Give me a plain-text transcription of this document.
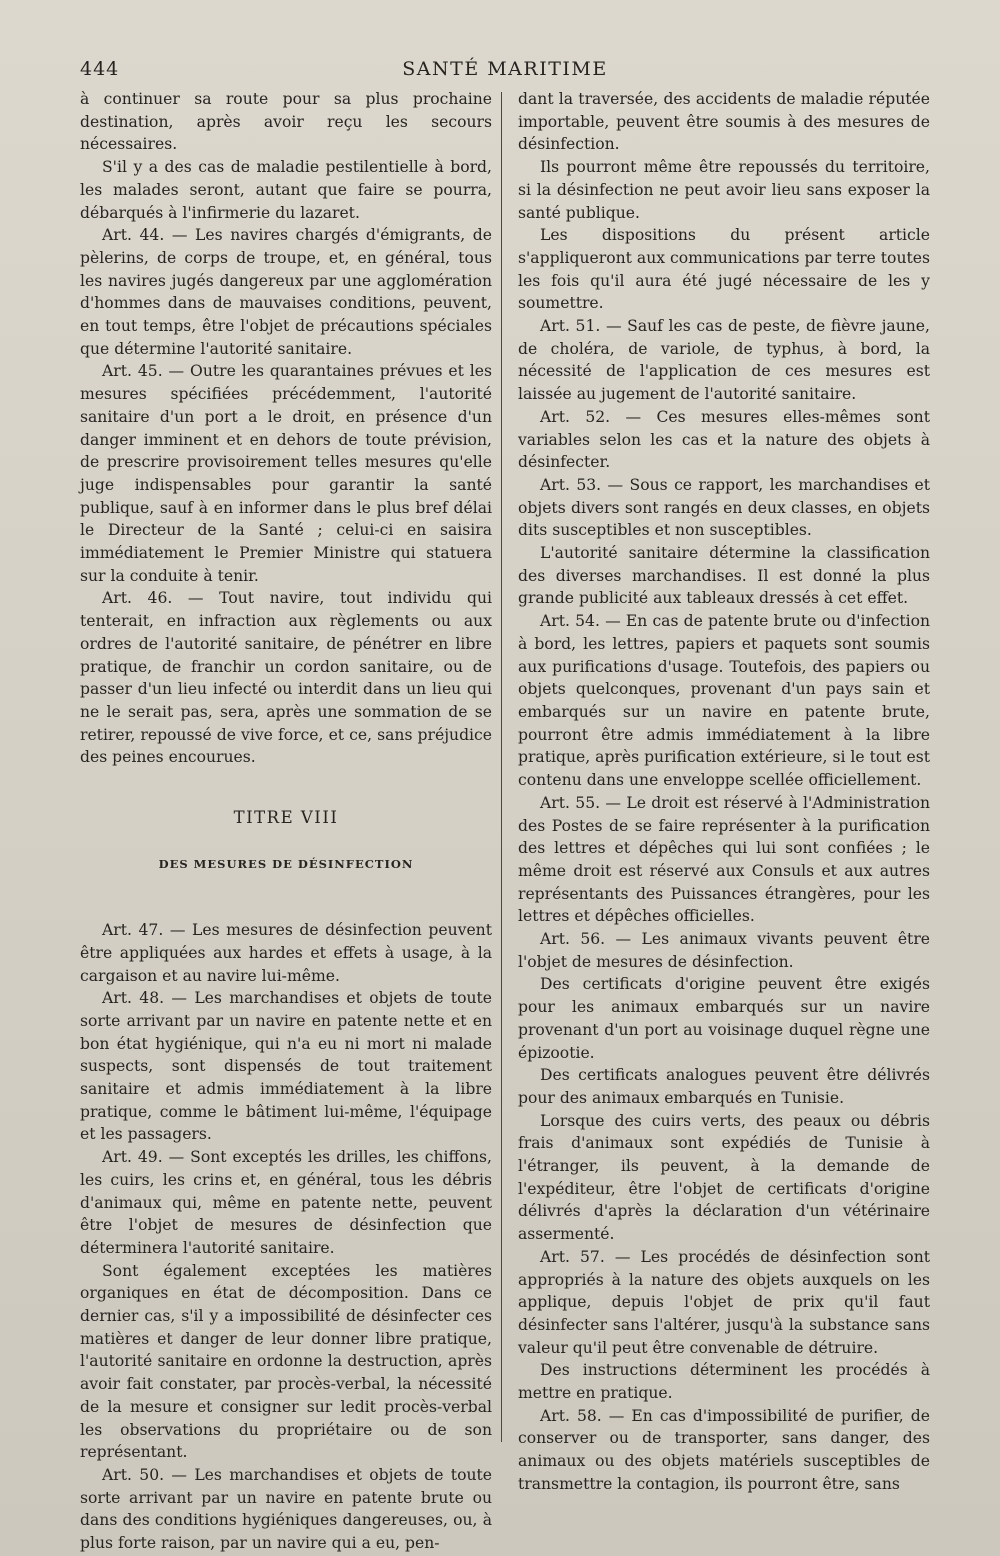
444	SANTÉ MARITIME

à continuer sa route pour sa plus prochaine destination, après avoir reçu les secours nécessaires.

S'il y a des cas de maladie pestilentielle à bord, les malades seront, autant que faire se pourra, débarqués à l'infirmerie du lazaret.

Art. 44. — Les navires chargés d'émigrants, de pèlerins, de corps de troupe, et, en général, tous les navires jugés dangereux par une agglomération d'hommes dans de mauvaises conditions, peuvent, en tout temps, être l'objet de précautions spéciales que détermine l'autorité sanitaire.

Art. 45. — Outre les quarantaines prévues et les mesures spécifiées précédemment, l'autorité sanitaire d'un port a le droit, en présence d'un danger imminent et en dehors de toute prévision, de prescrire provisoirement telles mesures qu'elle juge indispensables pour garantir la santé publique, sauf à en informer dans le plus bref délai le Directeur de la Santé ; celui-ci en saisira immédiatement le Premier Ministre qui statuera sur la conduite à tenir.

Art. 46. — Tout navire, tout individu qui tenterait, en infraction aux règlements ou aux ordres de l'autorité sanitaire, de pénétrer en libre pratique, de franchir un cordon sanitaire, ou de passer d'un lieu infecté ou interdit dans un lieu qui ne le serait pas, sera, après une sommation de se retirer, repoussé de vive force, et ce, sans préjudice des peines encourues.

TITRE VIII
DES MESURES DE DÉSINFECTION

Art. 47. — Les mesures de désinfection peuvent être appliquées aux hardes et effets à usage, à la cargaison et au navire lui-même.

Art. 48. — Les marchandises et objets de toute sorte arrivant par un navire en patente nette et en bon état hygiénique, qui n'a eu ni mort ni malade suspects, sont dispensés de tout traitement sanitaire et admis immédiatement à la libre pratique, comme le bâtiment lui-même, l'équipage et les passagers.

Art. 49. — Sont exceptés les drilles, les chiffons, les cuirs, les crins et, en général, tous les débris d'animaux qui, même en patente nette, peuvent être l'objet de mesures de désinfection que déterminera l'autorité sanitaire.

Sont également exceptées les matières organiques en état de décomposition. Dans ce dernier cas, s'il y a impossibilité de désinfecter ces matières et danger de leur donner libre pratique, l'autorité sanitaire en ordonne la destruction, après avoir fait constater, par procès-verbal, la nécessité de la mesure et consigner sur ledit procès-verbal les observations du propriétaire ou de son représentant.

Art. 50. — Les marchandises et objets de toute sorte arrivant par un navire en patente brute ou dans des conditions hygiéniques dangereuses, ou, à plus forte raison, par un navire qui a eu, pen-

dant la traversée, des accidents de maladie réputée importable, peuvent être soumis à des mesures de désinfection.

Ils pourront même être repoussés du territoire, si la désinfection ne peut avoir lieu sans exposer la santé publique.

Les dispositions du présent article s'appliqueront aux communications par terre toutes les fois qu'il aura été jugé nécessaire de les y soumettre.

Art. 51. — Sauf les cas de peste, de fièvre jaune, de choléra, de variole, de typhus, à bord, la nécessité de l'application de ces mesures est laissée au jugement de l'autorité sanitaire.

Art. 52. — Ces mesures elles-mêmes sont variables selon les cas et la nature des objets à désinfecter.

Art. 53. — Sous ce rapport, les marchandises et objets divers sont rangés en deux classes, en objets dits susceptibles et non susceptibles.

L'autorité sanitaire détermine la classification des diverses marchandises. Il est donné la plus grande publicité aux tableaux dressés à cet effet.

Art. 54. — En cas de patente brute ou d'infection à bord, les lettres, papiers et paquets sont soumis aux purifications d'usage. Toutefois, des papiers ou objets quelconques, provenant d'un pays sain et embarqués sur un navire en patente brute, pourront être admis immédiatement à la libre pratique, après purification extérieure, si le tout est contenu dans une enveloppe scellée officiellement.

Art. 55. — Le droit est réservé à l'Administration des Postes de se faire représenter à la purification des lettres et dépêches qui lui sont confiées ; le même droit est réservé aux Consuls et aux autres représentants des Puissances étrangères, pour les lettres et dépêches officielles.

Art. 56. — Les animaux vivants peuvent être l'objet de mesures de désinfection.

Des certificats d'origine peuvent être exigés pour les animaux embarqués sur un navire provenant d'un port au voisinage duquel règne une épizootie.

Des certificats analogues peuvent être délivrés pour des animaux embarqués en Tunisie.

Lorsque des cuirs verts, des peaux ou débris frais d'animaux sont expédiés de Tunisie à l'étranger, ils peuvent, à la demande de l'expéditeur, être l'objet de certificats d'origine délivrés d'après la déclaration d'un vétérinaire assermenté.

Art. 57. — Les procédés de désinfection sont appropriés à la nature des objets auxquels on les applique, depuis l'objet de prix qu'il faut désinfecter sans l'altérer, jusqu'à la substance sans valeur qu'il peut être convenable de détruire.

Des instructions déterminent les procédés à mettre en pratique.

Art. 58. — En cas d'impossibilité de purifier, de conserver ou de transporter, sans danger, des animaux ou des objets matériels susceptibles de transmettre la contagion, ils pourront être, sans
